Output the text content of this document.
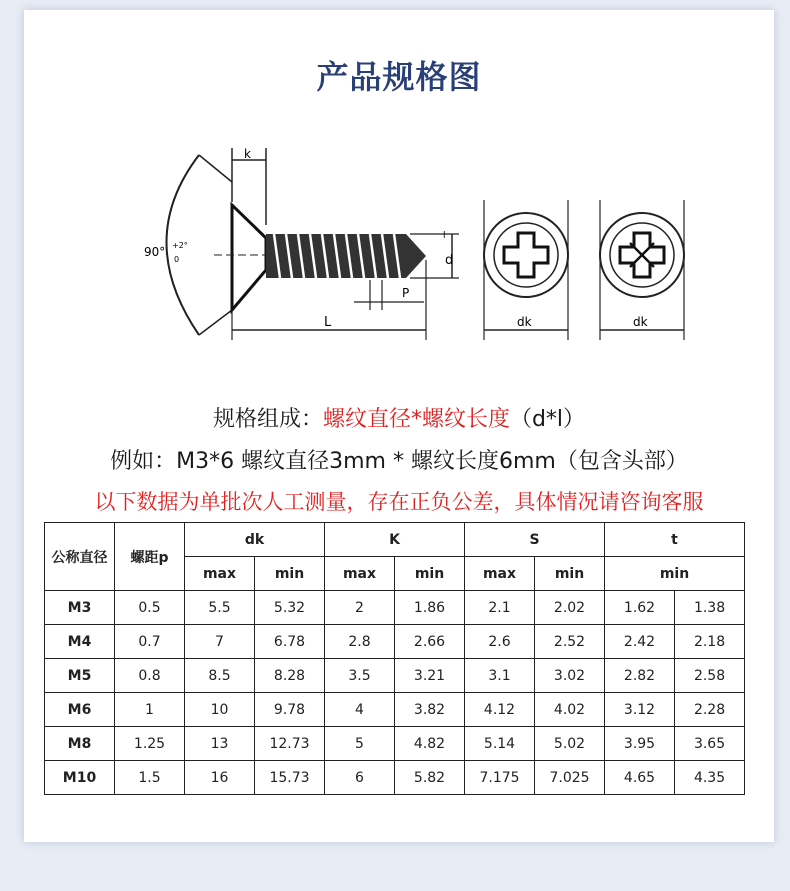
产品规格图
90° +2°
0
k
l
d
P
L	dk	dk
规格组成：螺纹直径*螺纹长度（d*l）
例如：M3*6 螺纹直径3mm * 螺纹长度6mm（包含头部）
以下数据为单批次人工测量，存在正负公差，具体情况请咨询客服
公称直径	螺距p	dk		K		S		t	
		max	min	max	min	max	min	min	
M3	0.5	5.5	5.32	2	1.86	2.1	2.02	1.62	1.38
M4	0.7	7	6.78	2.8	2.66	2.6	2.52	2.42	2.18
M5	0.8	8.5	8.28	3.5	3.21	3.1	3.02	2.82	2.58
M6	1	10	9.78	4	3.82	4.12	4.02	3.12	2.28
M8	1.25	13	12.73	5	4.82	5.14	5.02	3.95	3.65
M10	1.5	16	15.73	6	5.82	7.175	7.025	4.65	4.35
